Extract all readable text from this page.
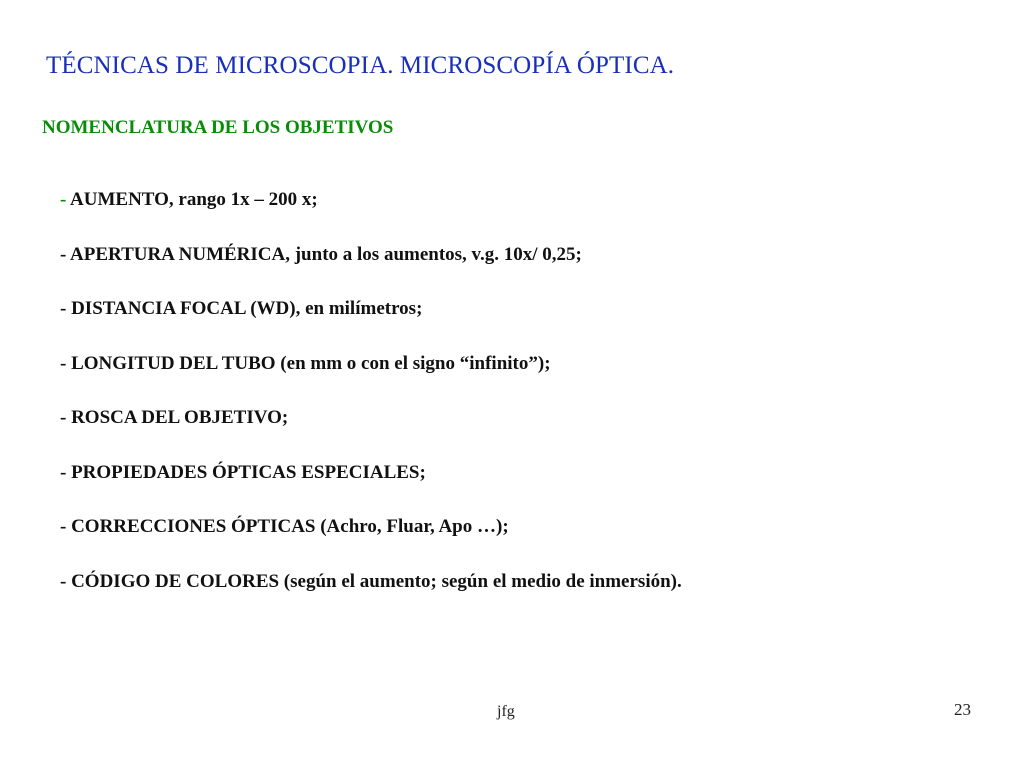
TÉCNICAS DE MICROSCOPIA. MICROSCOPÍA ÓPTICA.
NOMENCLATURA DE LOS OBJETIVOS
- AUMENTO, rango 1x – 200 x;
- APERTURA NUMÉRICA, junto a los aumentos, v.g. 10x/ 0,25;
- DISTANCIA FOCAL (WD), en milímetros;
- LONGITUD DEL TUBO (en mm o con el signo “infinito”);
- ROSCA DEL OBJETIVO;
- PROPIEDADES ÓPTICAS ESPECIALES;
- CORRECCIONES ÓPTICAS (Achro, Fluar, Apo …);
- CÓDIGO DE COLORES (según el aumento; según el medio de inmersión).
jfg	23
